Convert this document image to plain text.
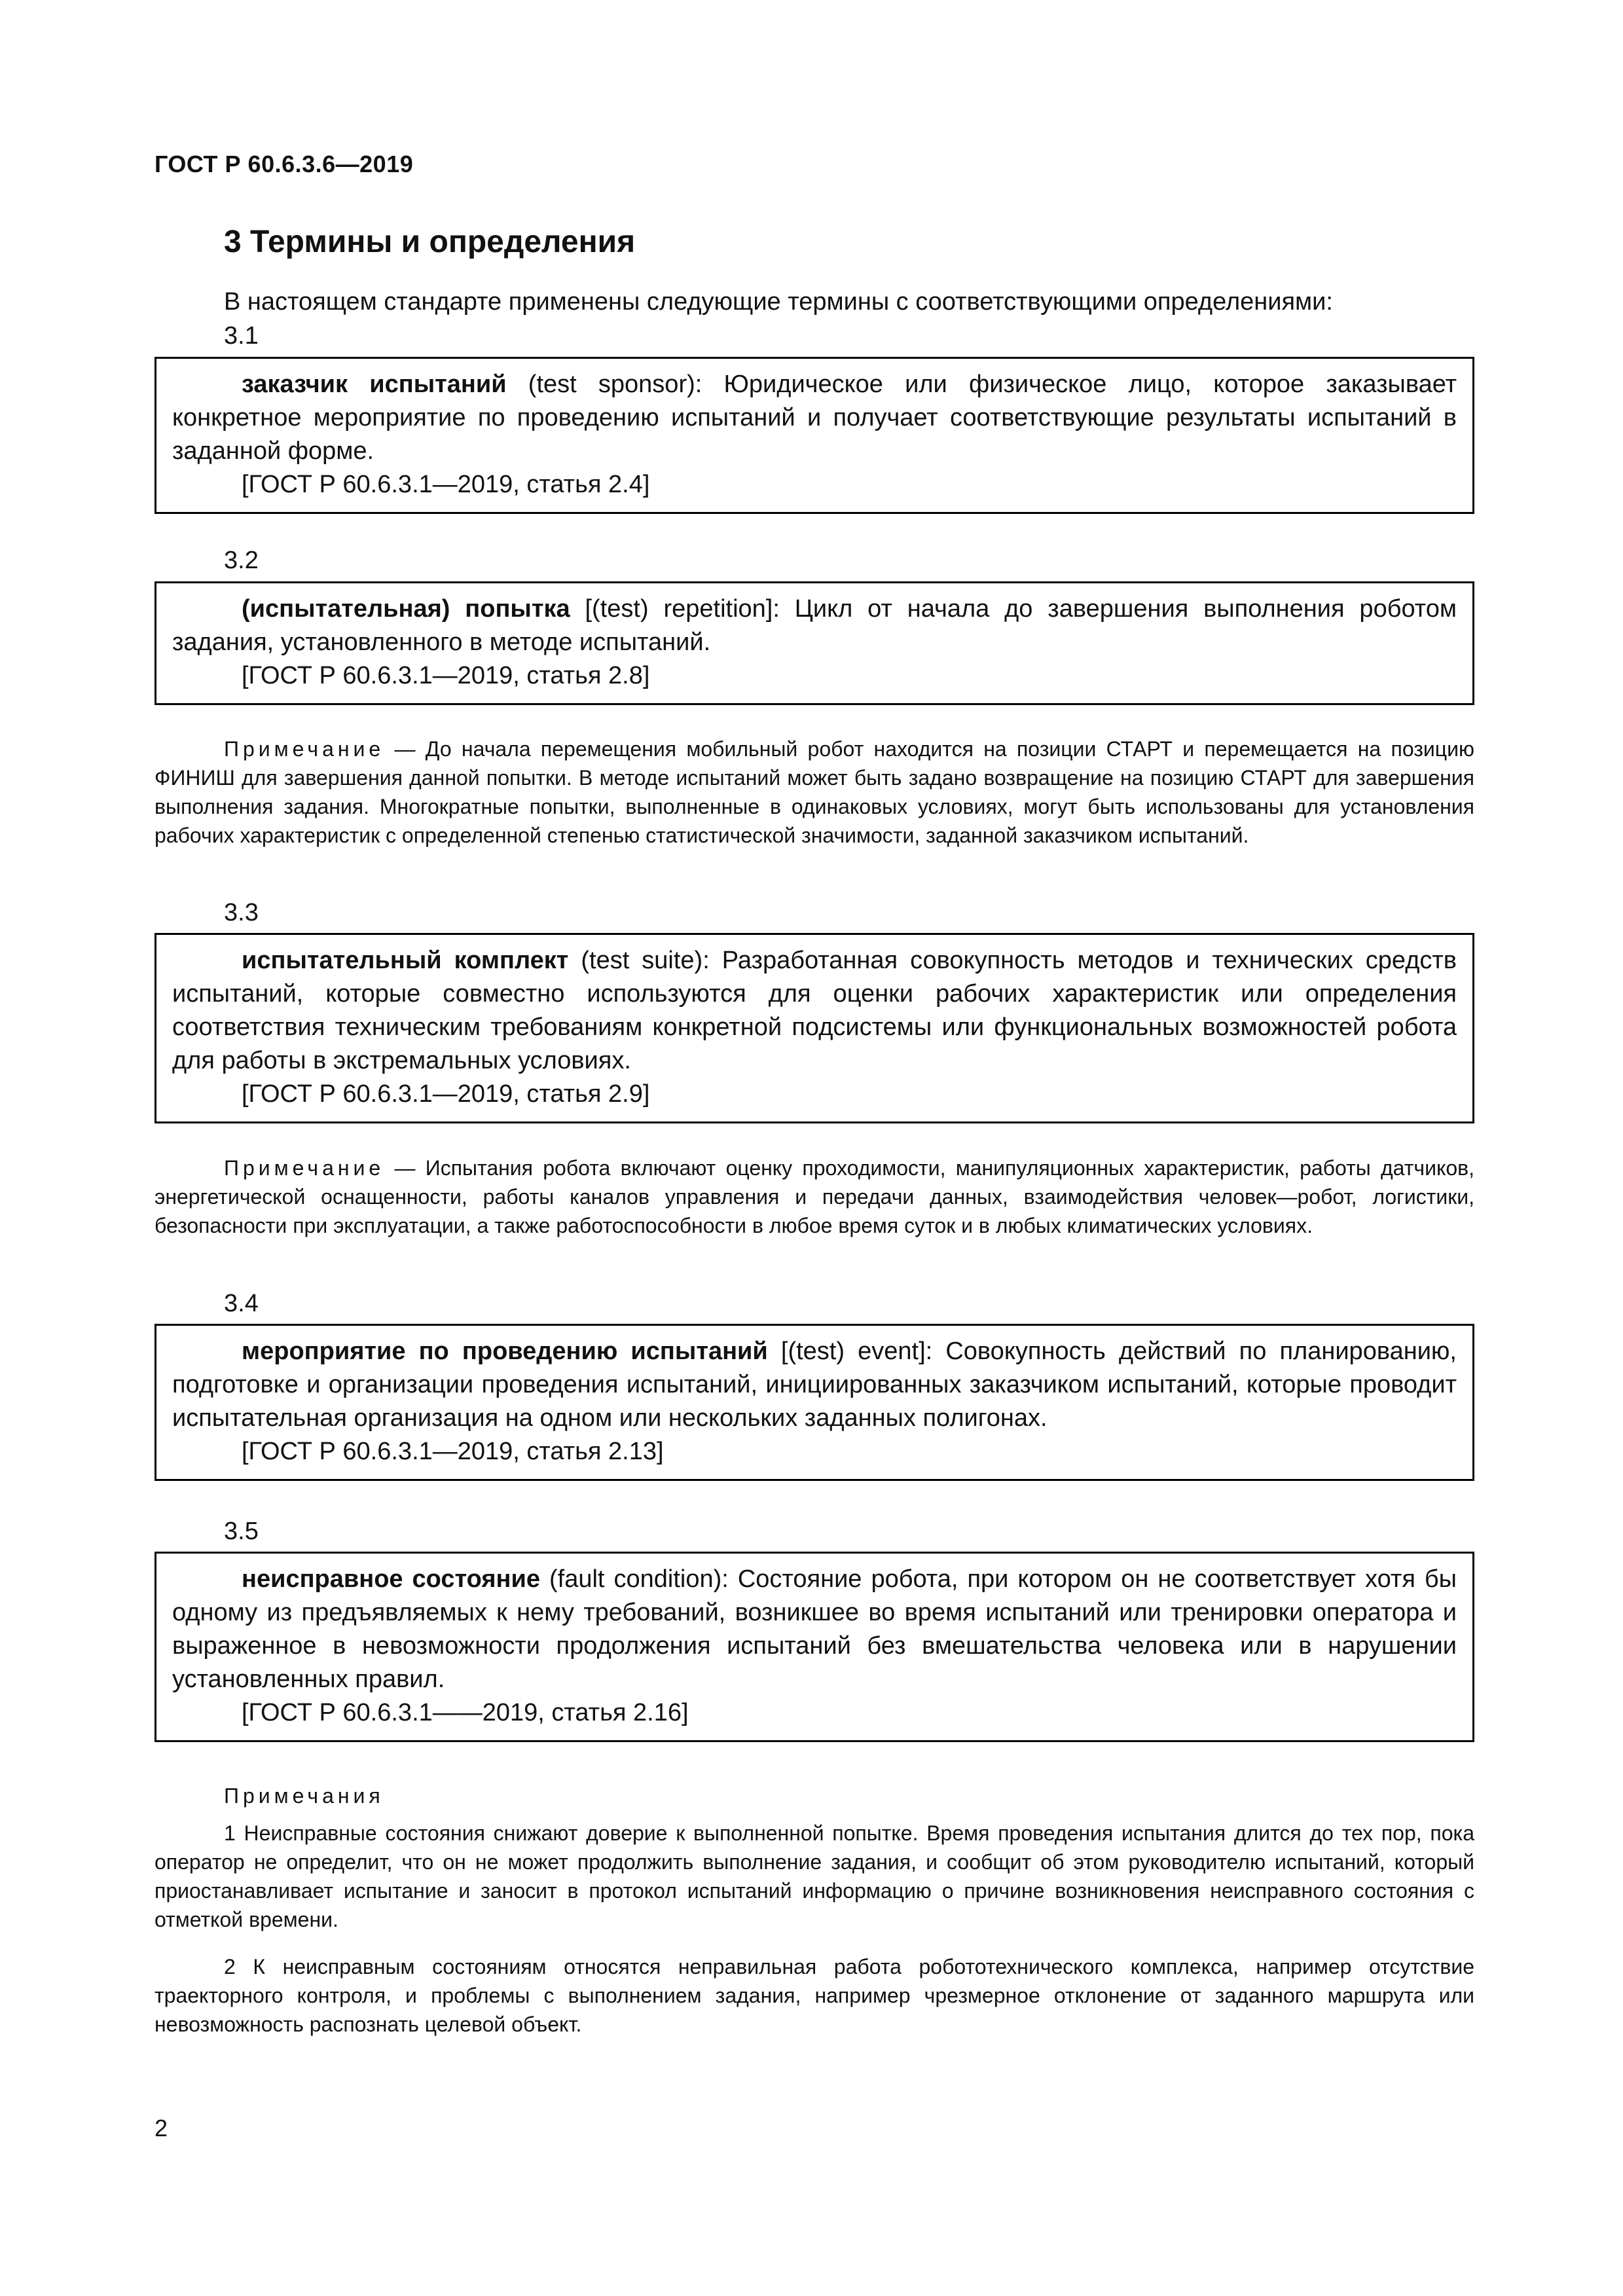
ГОСТ Р 60.6.3.6—2019
3 Термины и определения
В настоящем стандарте применены следующие термины с соответствующими определениями:
3.1
заказчик испытаний (test sponsor): Юридическое или физическое лицо, которое заказывает конкретное мероприятие по проведению испытаний и получает соответствующие результаты испытаний в заданной форме.
[ГОСТ Р 60.6.3.1—2019, статья 2.4]
3.2
(испытательная) попытка [(test) repetition]: Цикл от начала до завершения выполнения роботом задания, установленного в методе испытаний.
[ГОСТ Р 60.6.3.1—2019, статья 2.8]
Примечание — До начала перемещения мобильный робот находится на позиции СТАРТ и перемещается на позицию ФИНИШ для завершения данной попытки. В методе испытаний может быть задано возвращение на позицию СТАРТ для завершения выполнения задания. Многократные попытки, выполненные в одинаковых условиях, могут быть использованы для установления рабочих характеристик с определенной степенью статистической значимости, заданной заказчиком испытаний.
3.3
испытательный комплект (test suite): Разработанная совокупность методов и технических средств испытаний, которые совместно используются для оценки рабочих характеристик или определения соответствия техническим требованиям конкретной подсистемы или функциональных возможностей робота для работы в экстремальных условиях.
[ГОСТ Р 60.6.3.1—2019, статья 2.9]
Примечание — Испытания робота включают оценку проходимости, манипуляционных характеристик, работы датчиков, энергетической оснащенности, работы каналов управления и передачи данных, взаимодействия человек—робот, логистики, безопасности при эксплуатации, а также работоспособности в любое время суток и в любых климатических условиях.
3.4
мероприятие по проведению испытаний [(test) event]: Совокупность действий по планированию, подготовке и организации проведения испытаний, инициированных заказчиком испытаний, которые проводит испытательная организация на одном или нескольких заданных полигонах.
[ГОСТ Р 60.6.3.1—2019, статья 2.13]
3.5
неисправное состояние (fault condition): Состояние робота, при котором он не соответствует хотя бы одному из предъявляемых к нему требований, возникшее во время испытаний или тренировки оператора и выраженное в невозможности продолжения испытаний без вмешательства человека или в нарушении установленных правил.
[ГОСТ Р 60.6.3.1——2019, статья 2.16]
Примечания
1 Неисправные состояния снижают доверие к выполненной попытке. Время проведения испытания длится до тех пор, пока оператор не определит, что он не может продолжить выполнение задания, и сообщит об этом руководителю испытаний, который приостанавливает испытание и заносит в протокол испытаний информацию о причине возникновения неисправного состояния с отметкой времени.
2 К неисправным состояниям относятся неправильная работа робототехнического комплекса, например отсутствие траекторного контроля, и проблемы с выполнением задания, например чрезмерное отклонение от заданного маршрута или невозможность распознать целевой объект.
2
